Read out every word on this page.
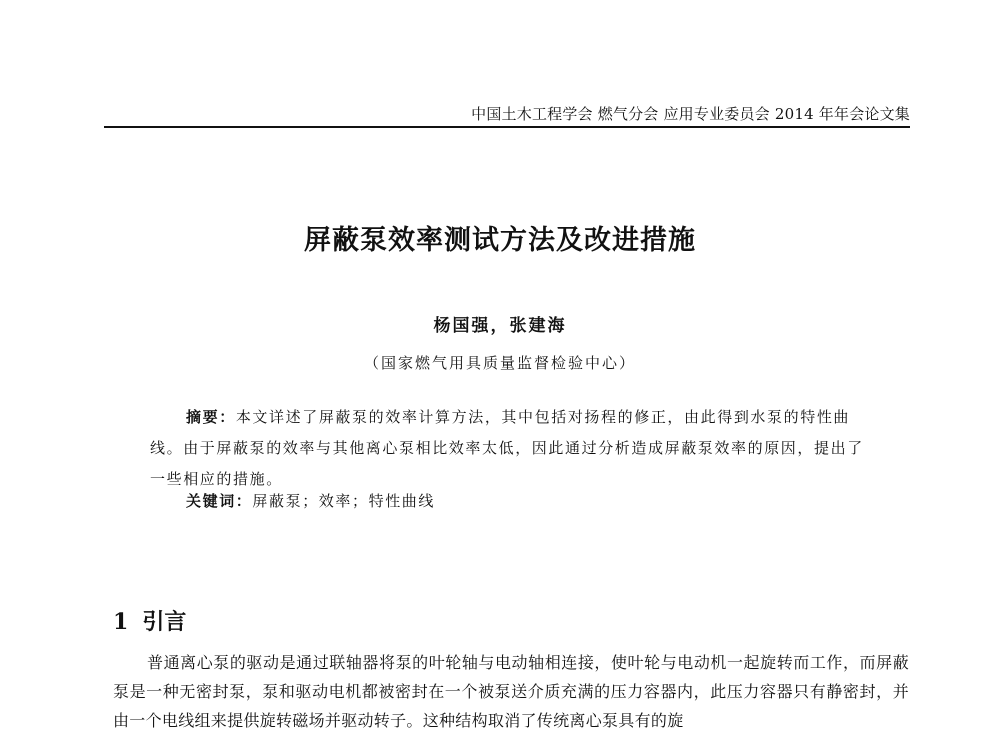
中国土木工程学会 燃气分会 应用专业委员会 2014 年年会论文集
屏蔽泵效率测试方法及改进措施
杨国强，张建海
（国家燃气用具质量监督检验中心）

摘要：本文详述了屏蔽泵的效率计算方法，其中包括对扬程的修正，由此得到水泵的特性曲线。由于屏蔽泵的效率与其他离心泵相比效率太低，因此通过分析造成屏蔽泵效率的原因，提出了一些相应的措施。

关键词：屏蔽泵；效率；特性曲线
1 引言

普通离心泵的驱动是通过联轴器将泵的叶轮轴与电动轴相连接，使叶轮与电动机一起旋转而工作，而屏蔽泵是一种无密封泵，泵和驱动电机都被密封在一个被泵送介质充满的压力容器内，此压力容器只有静密封，并由一个电线组来提供旋转磁场并驱动转子。这种结构取消了传统离心泵具有的旋
